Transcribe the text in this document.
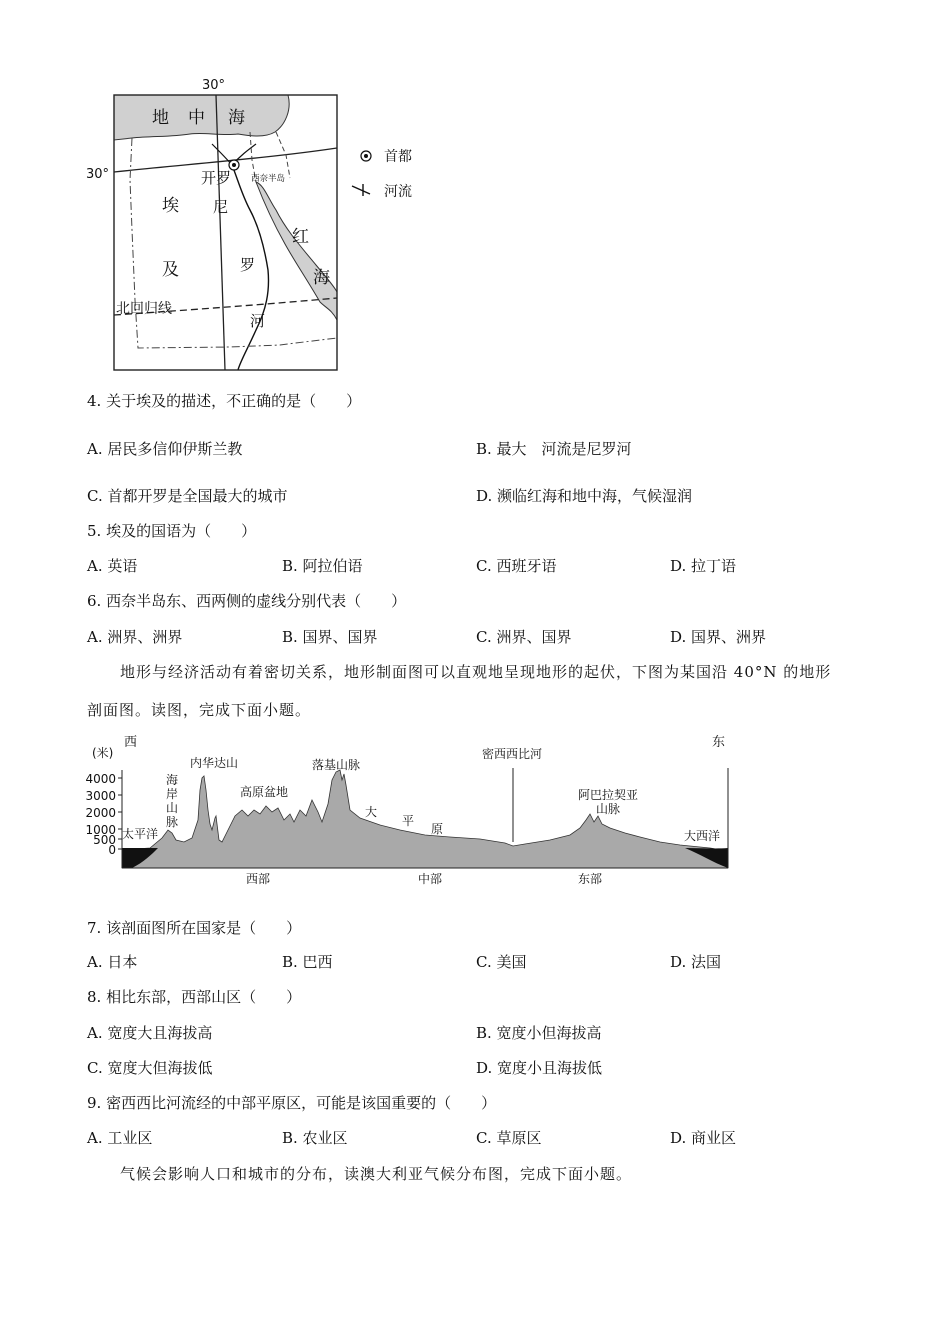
30°
30°
地 中 海
开罗 西奈半岛
埃
及
尼
罗
河
红
海
北回归线
首都
河流
4. 关于埃及的描述，不正确的是（　　）
A. 居民多信仰伊斯兰教	B. 最大　河流是尼罗河
C. 首都开罗是全国最大的城市	D. 濒临红海和地中海，气候湿润
5. 埃及的国语为（　　）
A. 英语	B. 阿拉伯语	C. 西班牙语	D. 拉丁语
6. 西奈半岛东、西两侧的虚线分别代表（　　）
A. 洲界、洲界	B. 国界、国界	C. 洲界、国界	D. 国界、洲界
地形与经济活动有着密切关系，地形制面图可以直观地呈现地形的起伏，下图为某国沿 40°N 的地形
剖面图。读图，完成下面小题。
4000
3000
2000
1000
500
0
(米)
西	东
太平洋
海
岸
山
脉
内华达山
高原盆地
落基山脉
大
平
原
密西西比河
阿巴拉契亚
山脉
大西洋
西部	中部	东部
7. 该剖面图所在国家是（　　）
A. 日本	B. 巴西	C. 美国	D. 法国
8. 相比东部，西部山区（　　）
A. 宽度大且海拔高	B. 宽度小但海拔高
C. 宽度大但海拔低	D. 宽度小且海拔低
9. 密西西比河流经的中部平原区，可能是该国重要的（　　）
A. 工业区	B. 农业区	C. 草原区	D. 商业区
气候会影响人口和城市的分布，读澳大利亚气候分布图，完成下面小题。
